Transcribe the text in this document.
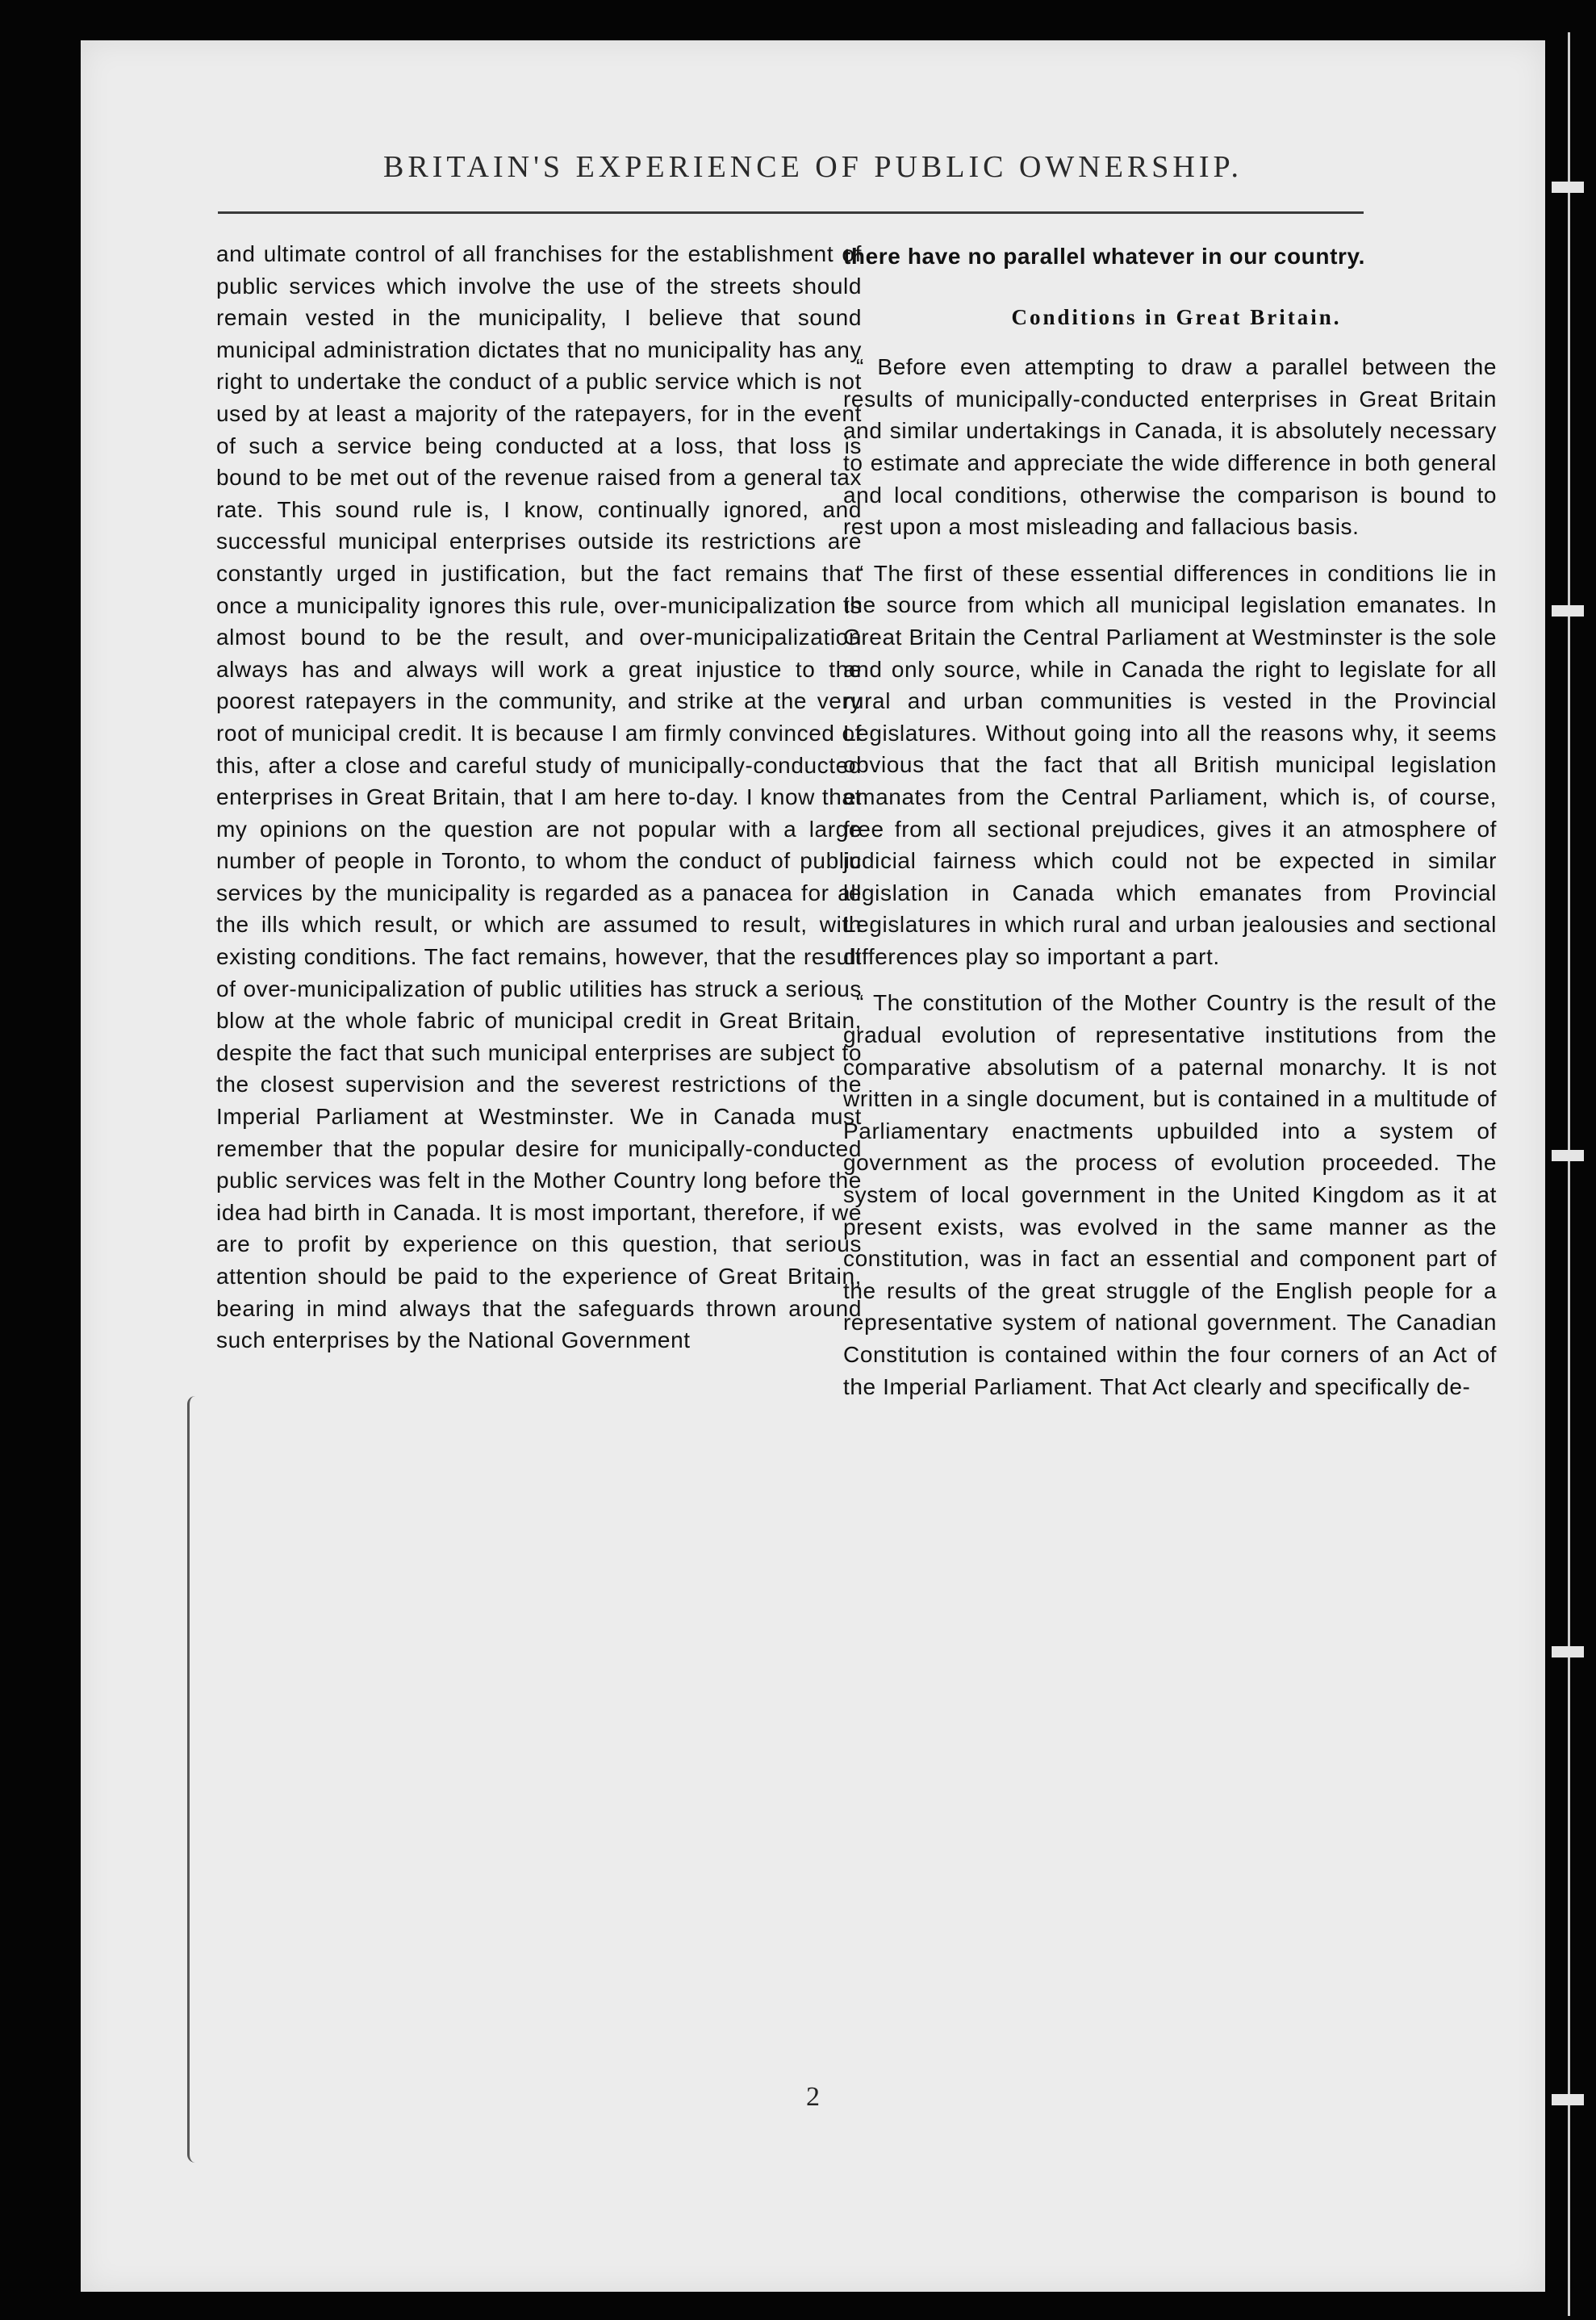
BRITAIN'S EXPERIENCE OF PUBLIC OWNERSHIP.

and ultimate control of all franchises for the establishment of public services which involve the use of the streets should remain vested in the municipality, I believe that sound municipal administration dictates that no municipality has any right to undertake the conduct of a public service which is not used by at least a majority of the ratepayers, for in the event of such a service being conducted at a loss, that loss is bound to be met out of the revenue raised from a general tax rate. This sound rule is, I know, continually ignored, and successful municipal enterprises outside its restrictions are constantly urged in justification, but the fact remains that once a municipality ignores this rule, over-municipalization is almost bound to be the result, and over-municipalization always has and always will work a great injustice to the poorest ratepayers in the community, and strike at the very root of municipal credit. It is because I am firmly convinced of this, after a close and careful study of municipally-conducted enterprises in Great Britain, that I am here to-day. I know that my opinions on the question are not popular with a large number of people in Toronto, to whom the conduct of public services by the municipality is regarded as a panacea for all the ills which result, or which are assumed to result, with existing conditions. The fact remains, however, that the result of over-municipalization of public utilities has struck a serious blow at the whole fabric of municipal credit in Great Britain, despite the fact that such municipal enterprises are subject to the closest supervision and the severest restrictions of the Imperial Parliament at Westminster. We in Canada must remember that the popular desire for municipally-conducted public services was felt in the Mother Country long before the idea had birth in Canada. It is most important, therefore, if we are to profit by experience on this question, that serious attention should be paid to the experience of Great Britain, bearing in mind always that the safeguards thrown around such enterprises by the National Government

there have no parallel whatever in our country.

Conditions in Great Britain.

“ Before even attempting to draw a parallel between the results of municipally-conducted enterprises in Great Britain and similar undertakings in Canada, it is absolutely necessary to estimate and appreciate the wide difference in both general and local conditions, otherwise the comparison is bound to rest upon a most misleading and fallacious basis.

“ The first of these essential differences in conditions lie in the source from which all municipal legislation emanates. In Great Britain the Central Parliament at Westminster is the sole and only source, while in Canada the right to legislate for all rural and urban communities is vested in the Provincial Legislatures. Without going into all the reasons why, it seems obvious that the fact that all British municipal legislation emanates from the Central Parliament, which is, of course, free from all sectional prejudices, gives it an atmosphere of judicial fairness which could not be expected in similar legislation in Canada which emanates from Provincial Legislatures in which rural and urban jealousies and sectional differences play so important a part.

“ The constitution of the Mother Country is the result of the gradual evolution of representative institutions from the comparative absolutism of a paternal monarchy. It is not written in a single document, but is contained in a multitude of Parliamentary enactments upbuilded into a system of government as the process of evolution proceeded. The system of local government in the United Kingdom as it at present exists, was evolved in the same manner as the constitution, was in fact an essential and component part of the results of the great struggle of the English people for a representative system of national government. The Canadian Constitution is contained within the four corners of an Act of the Imperial Parliament. That Act clearly and specifically de-

2
